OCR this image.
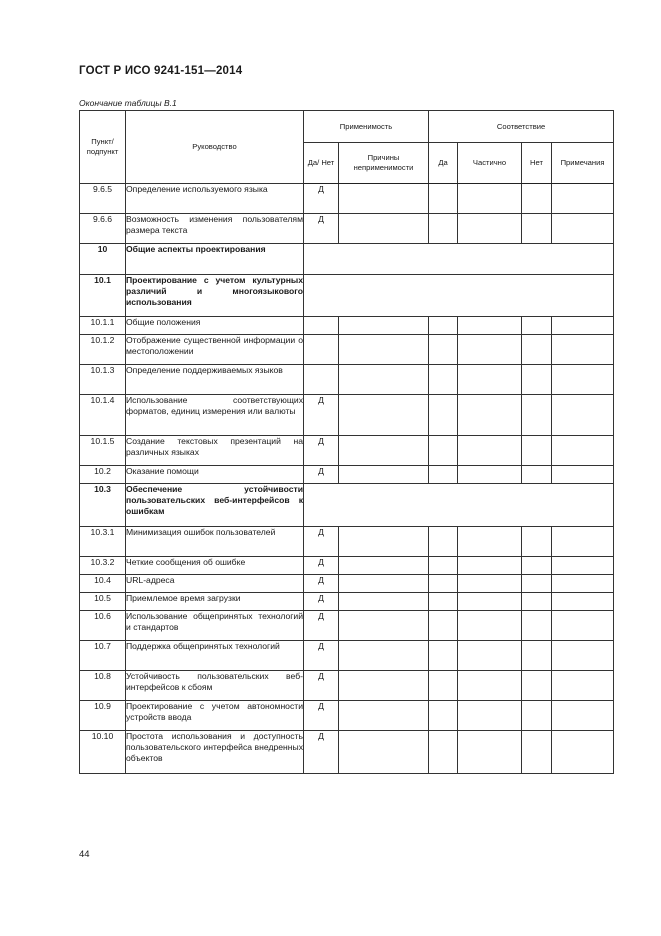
ГОСТ Р ИСО 9241-151—2014
Окончание таблицы В.1
Пункт/ подпункт	Руководство	Применимость		Соответствие			
		Да/ Нет	Причины неприменимости	Да	Частично	Нет	Примечания
9.6.5	Определение используемого языка	Д					
9.6.6	Возможность изменения пользователям размера текста	Д					
10	Общие аспекты проектирования						
10.1	Проектирование с учетом культурных различий и многоязыкового использования						
10.1.1	Общие положения						
10.1.2	Отображение существенной информации о местоположении						
10.1.3	Определение поддерживаемых языков						
10.1.4	Использование соответствующих форматов, единиц измерения или валюты	Д					
10.1.5	Создание текстовых презентаций на различных языках	Д					
10.2	Оказание помощи	Д					
10.3	Обеспечение устойчивости пользовательских веб-интерфейсов к ошибкам						
10.3.1	Минимизация ошибок пользователей	Д					
10.3.2	Четкие сообщения об ошибке	Д					
10.4	URL-адреса	Д					
10.5	Приемлемое время загрузки	Д					
10.6	Использование общепринятых технологий и стандартов	Д					
10.7	Поддержка общепринятых технологий	Д					
10.8	Устойчивость пользовательских веб-интерфейсов к сбоям	Д					
10.9	Проектирование с учетом автономности устройств ввода	Д					
10.10	Простота использования и доступность пользовательского интерфейса внедренных объектов	Д					
44
